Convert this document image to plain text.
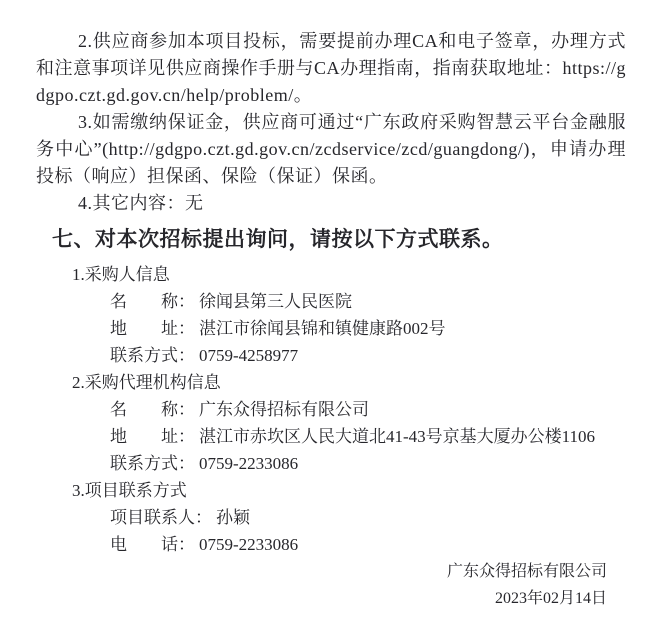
2.供应商参加本项目投标，需要提前办理CA和电子签章，办理方式和注意事项详见供应商操作手册与CA办理指南，指南获取地址：https://gdgpo.czt.gd.gov.cn/help/problem/。

3.如需缴纳保证金，供应商可通过“广东政府采购智慧云平台金融服务中心”(http://gdgpo.czt.gd.gov.cn/zcdservice/zcd/guangdong/)，申请办理投标（响应）担保函、保险（保证）保函。

4.其它内容：无

七、对本次招标提出询问，请按以下方式联系。
1.采购人信息
名　　称： 徐闻县第三人民医院
地　　址： 湛江市徐闻县锦和镇健康路002号
联系方式： 0759-4258977
2.采购代理机构信息
名　　称： 广东众得招标有限公司
地　　址： 湛江市赤坎区人民大道北41-43号京基大厦办公楼1106
联系方式： 0759-2233086
3.项目联系方式
项目联系人： 孙颖
电　　话： 0759-2233086
广东众得招标有限公司
2023年02月14日
